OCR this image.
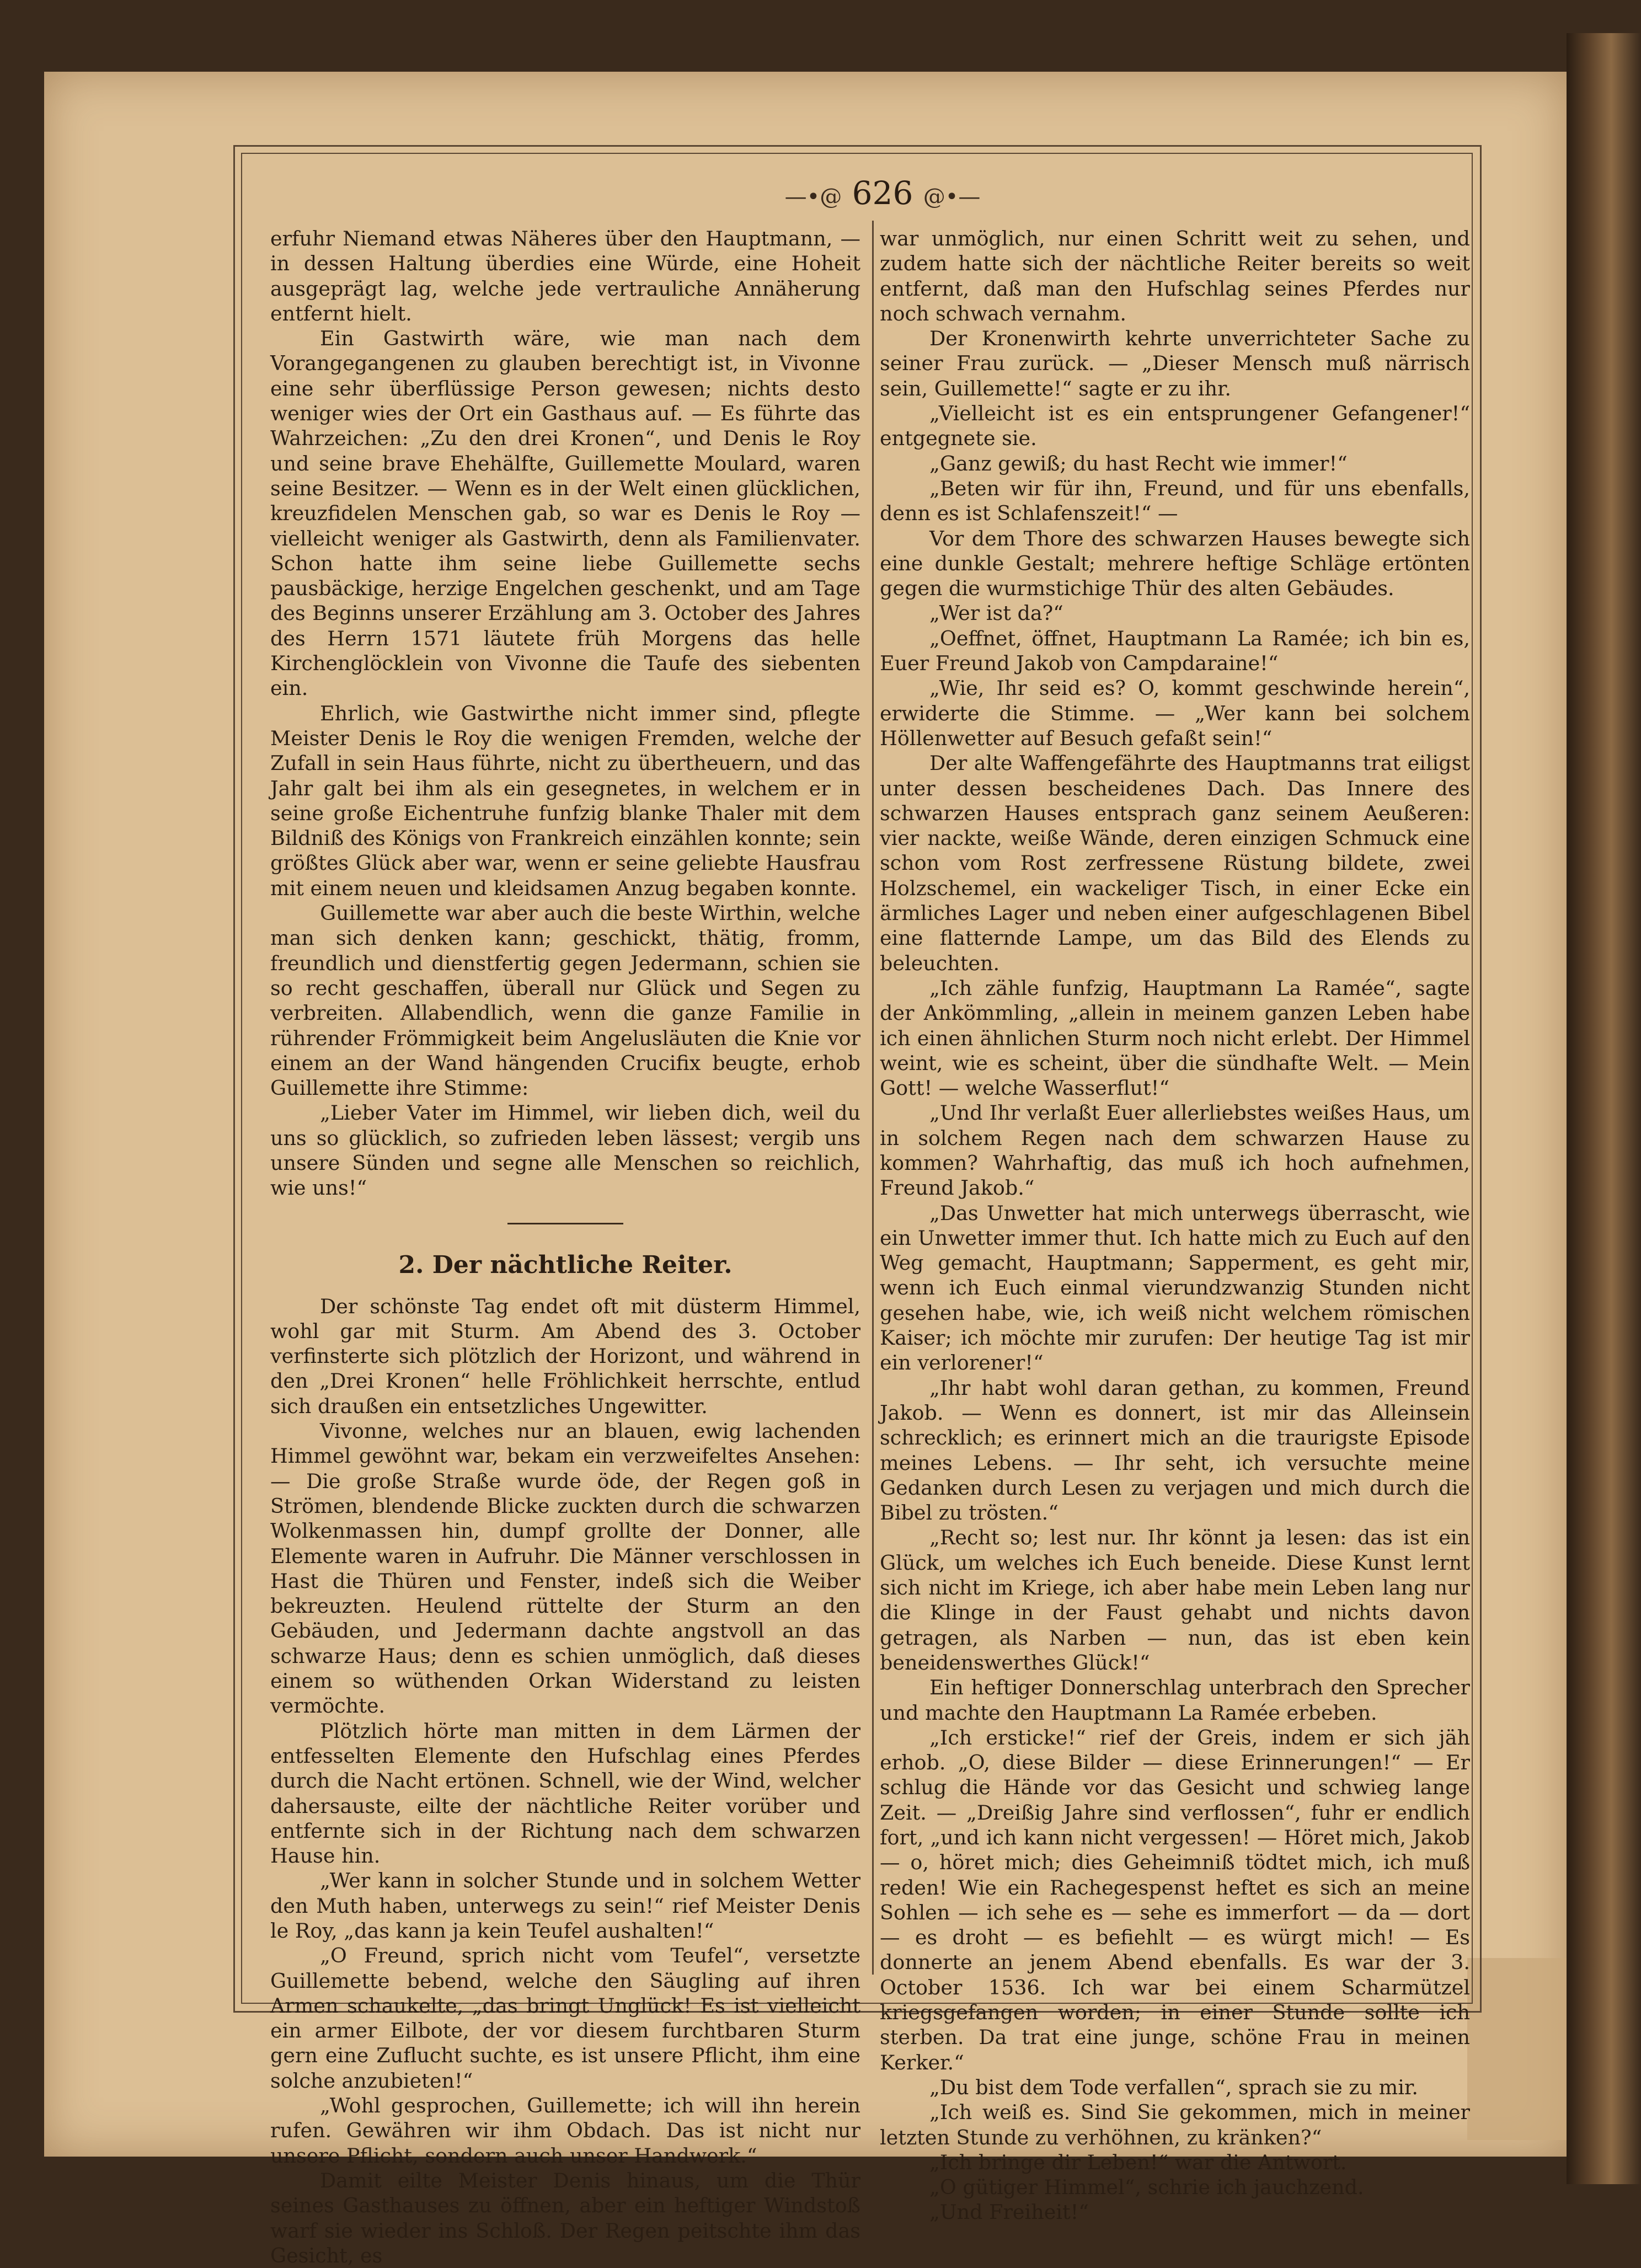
—•@ 626 @•—

erfuhr Niemand etwas Näheres über den Hauptmann, — in dessen Haltung überdies eine Würde, eine Hoheit ausgeprägt lag, welche jede vertrauliche Annäherung entfernt hielt.

Ein Gastwirth wäre, wie man nach dem Vorangegangenen zu glauben berechtigt ist, in Vivonne eine sehr überflüssige Person gewesen; nichts desto weniger wies der Ort ein Gasthaus auf. — Es führte das Wahrzeichen: „Zu den drei Kronen“, und Denis le Roy und seine brave Ehehälfte, Guillemette Moulard, waren seine Besitzer. — Wenn es in der Welt einen glücklichen, kreuzfidelen Menschen gab, so war es Denis le Roy — vielleicht weniger als Gastwirth, denn als Familienvater. Schon hatte ihm seine liebe Guillemette sechs pausbäckige, herzige Engelchen geschenkt, und am Tage des Beginns unserer Erzählung am 3. October des Jahres des Herrn 1571 läutete früh Morgens das helle Kirchenglöcklein von Vivonne die Taufe des siebenten ein.

Ehrlich, wie Gastwirthe nicht immer sind, pflegte Meister Denis le Roy die wenigen Fremden, welche der Zufall in sein Haus führte, nicht zu übertheuern, und das Jahr galt bei ihm als ein gesegnetes, in welchem er in seine große Eichentruhe funfzig blanke Thaler mit dem Bildniß des Königs von Frankreich einzählen konnte; sein größtes Glück aber war, wenn er seine geliebte Hausfrau mit einem neuen und kleidsamen Anzug begaben konnte.

Guillemette war aber auch die beste Wirthin, welche man sich denken kann; geschickt, thätig, fromm, freundlich und dienstfertig gegen Jedermann, schien sie so recht geschaffen, überall nur Glück und Segen zu verbreiten. Allabendlich, wenn die ganze Familie in rührender Frömmigkeit beim Angelusläuten die Knie vor einem an der Wand hängenden Crucifix beugte, erhob Guillemette ihre Stimme:

„Lieber Vater im Himmel, wir lieben dich, weil du uns so glücklich, so zufrieden leben lässest; vergib uns unsere Sünden und segne alle Menschen so reichlich, wie uns!“

2. Der nächtliche Reiter.

Der schönste Tag endet oft mit düsterm Himmel, wohl gar mit Sturm. Am Abend des 3. October verfinsterte sich plötzlich der Horizont, und während in den „Drei Kronen“ helle Fröhlichkeit herrschte, entlud sich draußen ein entsetzliches Ungewitter.

Vivonne, welches nur an blauen, ewig lachenden Himmel gewöhnt war, bekam ein verzweifeltes Ansehen: — Die große Straße wurde öde, der Regen goß in Strömen, blendende Blicke zuckten durch die schwarzen Wolkenmassen hin, dumpf grollte der Donner, alle Elemente waren in Aufruhr. Die Männer verschlossen in Hast die Thüren und Fenster, indeß sich die Weiber bekreuzten. Heulend rüttelte der Sturm an den Gebäuden, und Jedermann dachte angstvoll an das schwarze Haus; denn es schien unmöglich, daß dieses einem so wüthenden Orkan Widerstand zu leisten vermöchte.

Plötzlich hörte man mitten in dem Lärmen der entfesselten Elemente den Hufschlag eines Pferdes durch die Nacht ertönen. Schnell, wie der Wind, welcher dahersauste, eilte der nächtliche Reiter vorüber und entfernte sich in der Richtung nach dem schwarzen Hause hin.

„Wer kann in solcher Stunde und in solchem Wetter den Muth haben, unterwegs zu sein!“ rief Meister Denis le Roy, „das kann ja kein Teufel aushalten!“

„O Freund, sprich nicht vom Teufel“, versetzte Guillemette bebend, welche den Säugling auf ihren Armen schaukelte, „das bringt Unglück! Es ist vielleicht ein armer Eilbote, der vor diesem furchtbaren Sturm gern eine Zuflucht suchte, es ist unsere Pflicht, ihm eine solche anzubieten!“

„Wohl gesprochen, Guillemette; ich will ihn herein rufen. Gewähren wir ihm Obdach. Das ist nicht nur unsere Pflicht, sondern auch unser Handwerk.“

Damit eilte Meister Denis hinaus, um die Thür seines Gasthauses zu öffnen, aber ein heftiger Windstoß warf sie wieder ins Schloß. Der Regen peitschte ihm das Gesicht, es

war unmöglich, nur einen Schritt weit zu sehen, und zudem hatte sich der nächtliche Reiter bereits so weit entfernt, daß man den Hufschlag seines Pferdes nur noch schwach vernahm.

Der Kronenwirth kehrte unverrichteter Sache zu seiner Frau zurück. — „Dieser Mensch muß närrisch sein, Guillemette!“ sagte er zu ihr.

„Vielleicht ist es ein entsprungener Gefangener!“ entgegnete sie.

„Ganz gewiß; du hast Recht wie immer!“

„Beten wir für ihn, Freund, und für uns ebenfalls, denn es ist Schlafenszeit!“ —

Vor dem Thore des schwarzen Hauses bewegte sich eine dunkle Gestalt; mehrere heftige Schläge ertönten gegen die wurmstichige Thür des alten Gebäudes.

„Wer ist da?“

„Oeffnet, öffnet, Hauptmann La Ramée; ich bin es, Euer Freund Jakob von Campdaraine!“

„Wie, Ihr seid es? O, kommt geschwinde herein“, erwiderte die Stimme. — „Wer kann bei solchem Höllenwetter auf Besuch gefaßt sein!“

Der alte Waffengefährte des Hauptmanns trat eiligst unter dessen bescheidenes Dach. Das Innere des schwarzen Hauses entsprach ganz seinem Aeußeren: vier nackte, weiße Wände, deren einzigen Schmuck eine schon vom Rost zerfressene Rüstung bildete, zwei Holzschemel, ein wackeliger Tisch, in einer Ecke ein ärmliches Lager und neben einer aufgeschlagenen Bibel eine flatternde Lampe, um das Bild des Elends zu beleuchten.

„Ich zähle funfzig, Hauptmann La Ramée“, sagte der Ankömmling, „allein in meinem ganzen Leben habe ich einen ähnlichen Sturm noch nicht erlebt. Der Himmel weint, wie es scheint, über die sündhafte Welt. — Mein Gott! — welche Wasserflut!“

„Und Ihr verlaßt Euer allerliebstes weißes Haus, um in solchem Regen nach dem schwarzen Hause zu kommen? Wahrhaftig, das muß ich hoch aufnehmen, Freund Jakob.“

„Das Unwetter hat mich unterwegs überrascht, wie ein Unwetter immer thut. Ich hatte mich zu Euch auf den Weg gemacht, Hauptmann; Sapperment, es geht mir, wenn ich Euch einmal vierundzwanzig Stunden nicht gesehen habe, wie, ich weiß nicht welchem römischen Kaiser; ich möchte mir zurufen: Der heutige Tag ist mir ein verlorener!“

„Ihr habt wohl daran gethan, zu kommen, Freund Jakob. — Wenn es donnert, ist mir das Alleinsein schrecklich; es erinnert mich an die traurigste Episode meines Lebens. — Ihr seht, ich versuchte meine Gedanken durch Lesen zu verjagen und mich durch die Bibel zu trösten.“

„Recht so; lest nur. Ihr könnt ja lesen: das ist ein Glück, um welches ich Euch beneide. Diese Kunst lernt sich nicht im Kriege, ich aber habe mein Leben lang nur die Klinge in der Faust gehabt und nichts davon getragen, als Narben — nun, das ist eben kein beneidenswerthes Glück!“

Ein heftiger Donnerschlag unterbrach den Sprecher und machte den Hauptmann La Ramée erbeben.

„Ich ersticke!“ rief der Greis, indem er sich jäh erhob. „O, diese Bilder — diese Erinnerungen!“ — Er schlug die Hände vor das Gesicht und schwieg lange Zeit. — „Dreißig Jahre sind verflossen“, fuhr er endlich fort, „und ich kann nicht vergessen! — Höret mich, Jakob — o, höret mich; dies Geheimniß tödtet mich, ich muß reden! Wie ein Rachegespenst heftet es sich an meine Sohlen — ich sehe es — sehe es immerfort — da — dort — es droht — es befiehlt — es würgt mich! — Es donnerte an jenem Abend ebenfalls. Es war der 3. October 1536. Ich war bei einem Scharmützel kriegsgefangen worden; in einer Stunde sollte ich sterben. Da trat eine junge, schöne Frau in meinen Kerker.“

„Du bist dem Tode verfallen“, sprach sie zu mir.

„Ich weiß es. Sind Sie gekommen, mich in meiner letzten Stunde zu verhöhnen, zu kränken?“

„Ich bringe dir Leben!“ war die Antwort.

„O gütiger Himmel“, schrie ich jauchzend.

„Und Freiheit!“
